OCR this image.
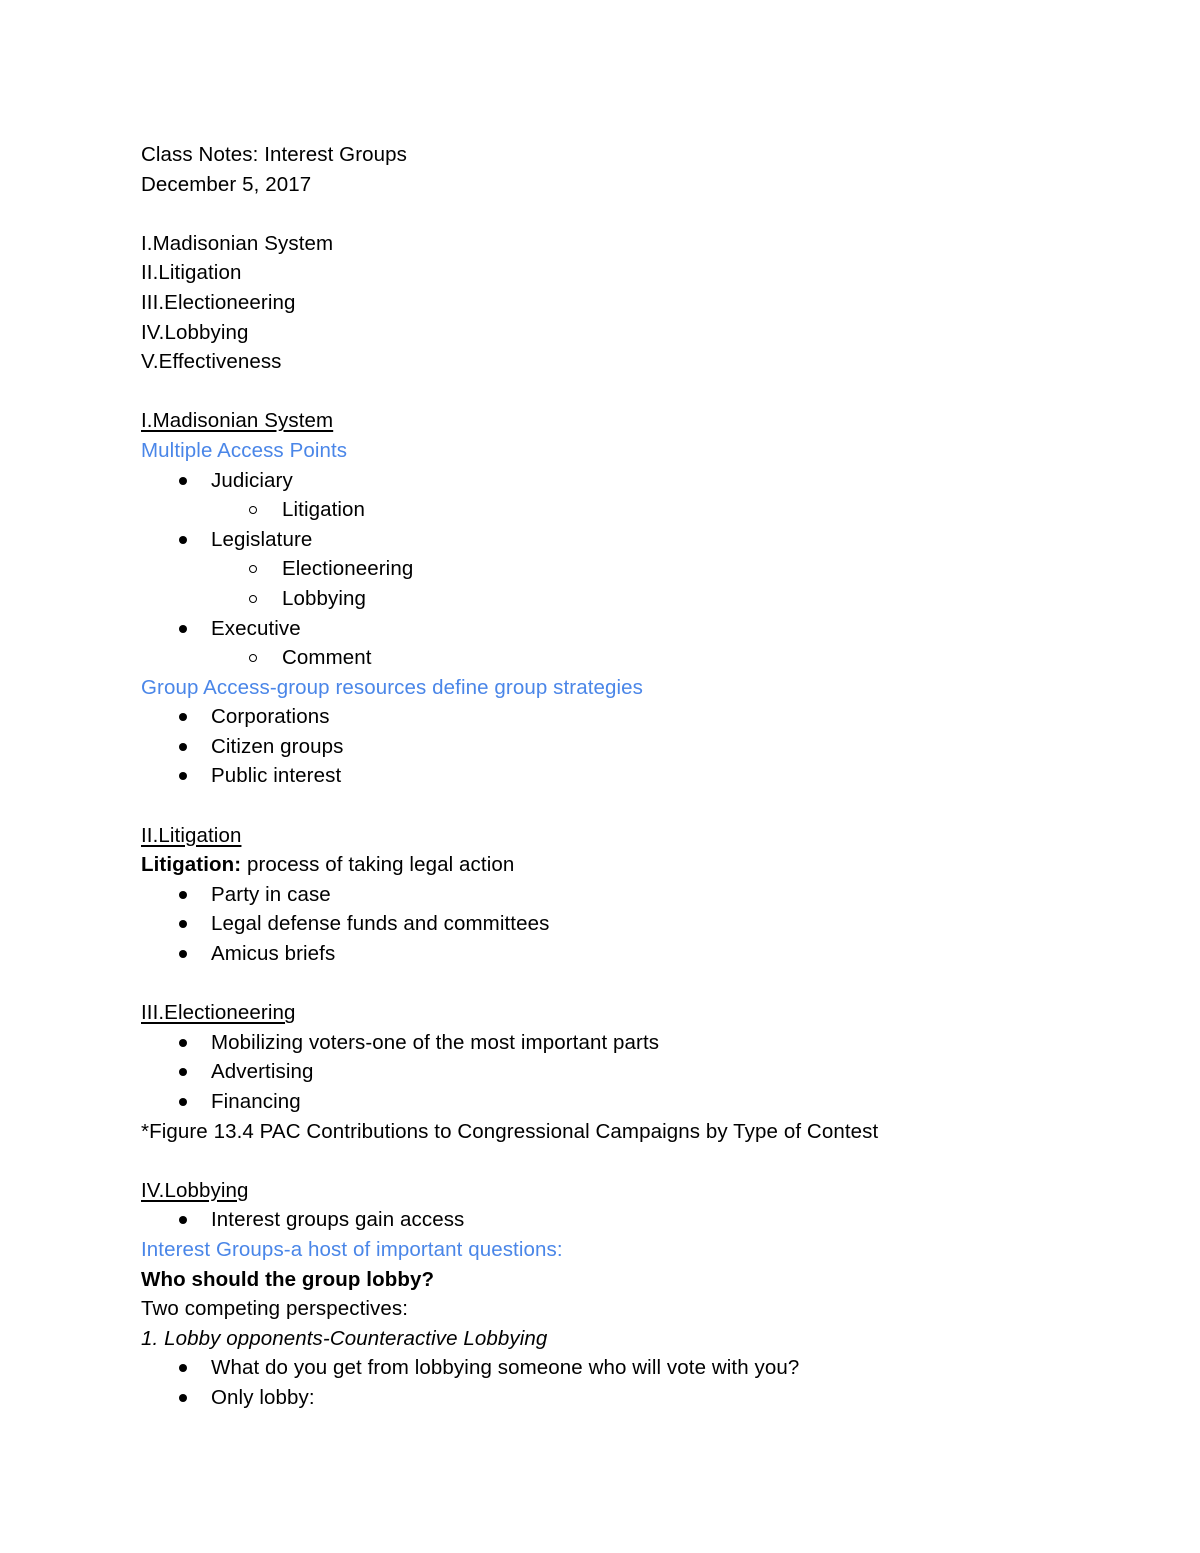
Class Notes: Interest Groups
December 5, 2017
I.Madisonian System
II.Litigation
III.Electioneering
IV.Lobbying
V.Effectiveness
I.Madisonian System
Multiple Access Points
Judiciary
Litigation
Legislature
Electioneering
Lobbying
Executive
Comment
Group Access-group resources define group strategies
Corporations
Citizen groups
Public interest
II.Litigation
Litigation: process of taking legal action
Party in case
Legal defense funds and committees
Amicus briefs
III.Electioneering
Mobilizing voters-one of the most important parts
Advertising
Financing
*Figure 13.4 PAC Contributions to Congressional Campaigns by Type of Contest
IV.Lobbying
Interest groups gain access
Interest Groups-a host of important questions:
Who should the group lobby?
Two competing perspectives:
1. Lobby opponents-Counteractive Lobbying
What do you get from lobbying someone who will vote with you?
Only lobby:
